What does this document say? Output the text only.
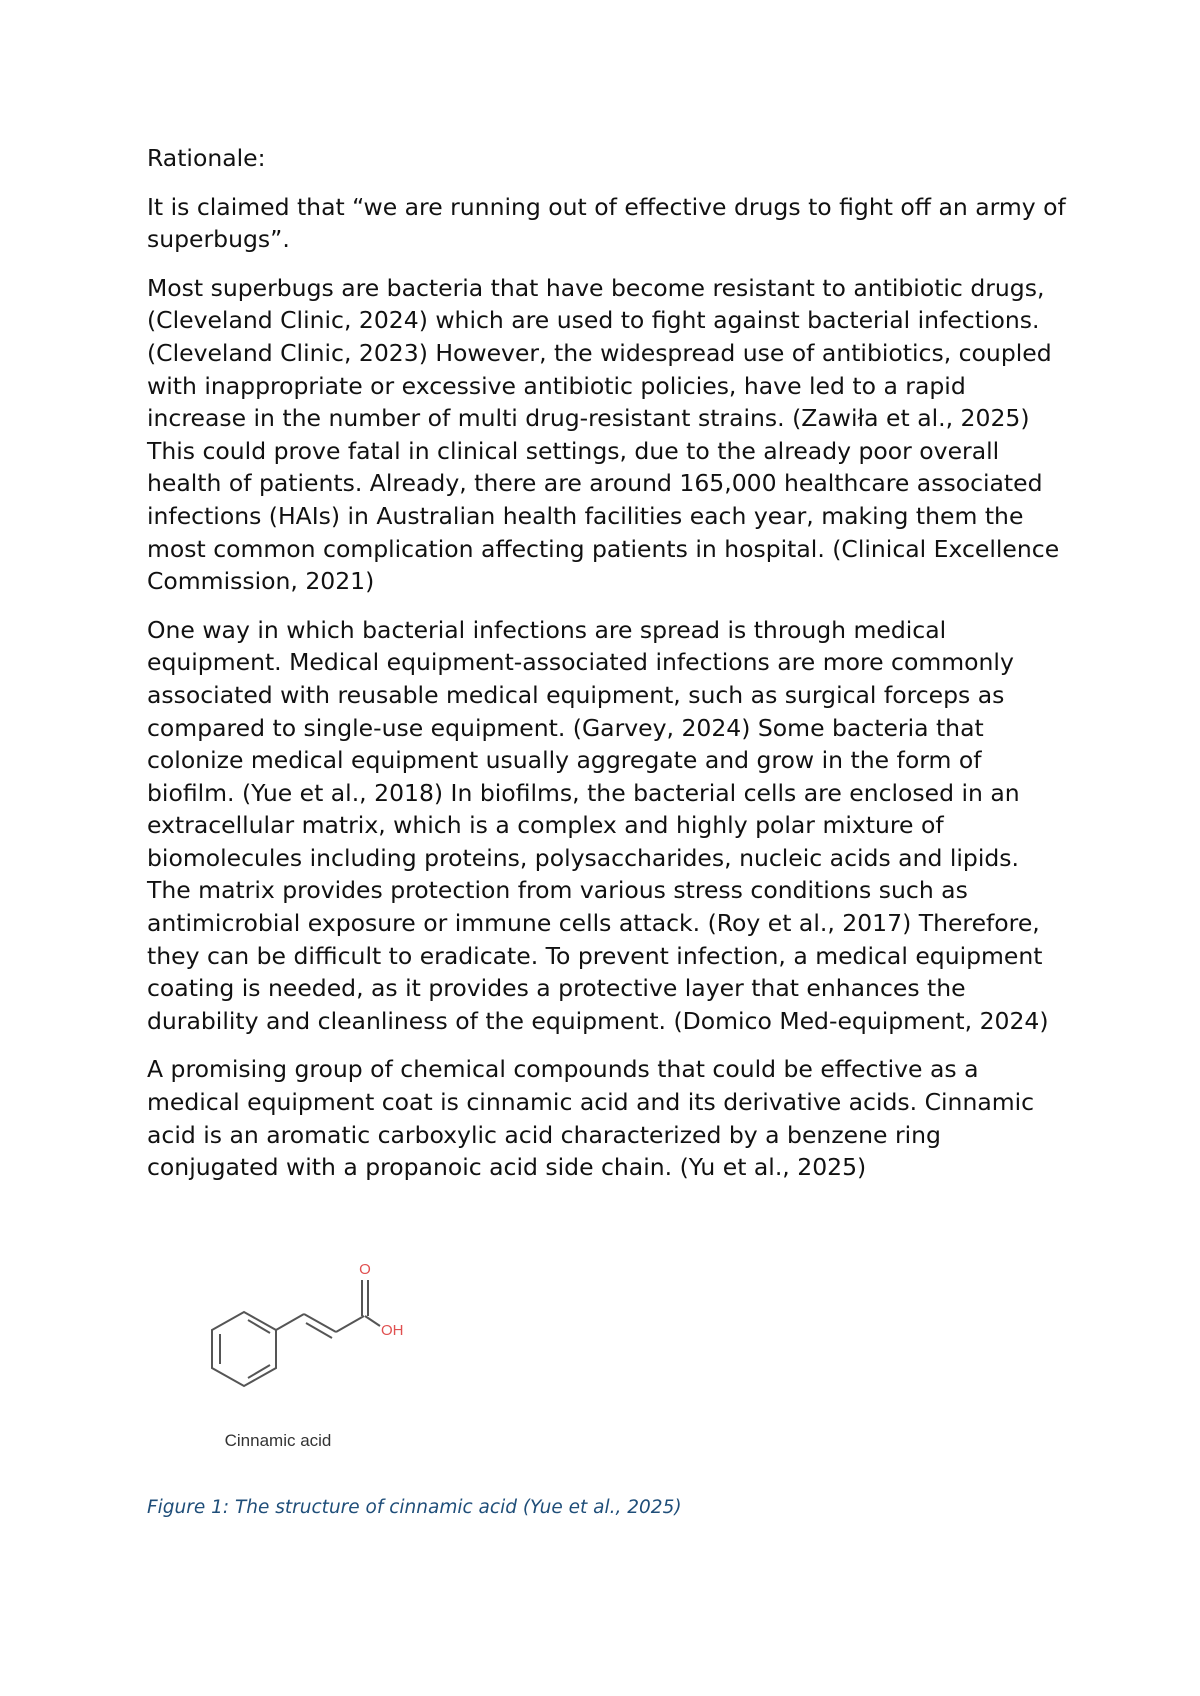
Rationale:

It is claimed that “we are running out of effective drugs to fight off an army of superbugs”.

Most superbugs are bacteria that have become resistant to antibiotic drugs, (Cleveland Clinic, 2024) which are used to fight against bacterial infections. (Cleveland Clinic, 2023) However, the widespread use of antibiotics, coupled with inappropriate or excessive antibiotic policies, have led to a rapid increase in the number of multi drug-resistant strains. (Zawiła et al., 2025) This could prove fatal in clinical settings, due to the already poor overall health of patients. Already, there are around 165,000 healthcare associated infections (HAIs) in Australian health facilities each year, making them the most common complication affecting patients in hospital. (Clinical Excellence Commission, 2021)

One way in which bacterial infections are spread is through medical equipment. Medical equipment-associated infections are more commonly associated with reusable medical equipment, such as surgical forceps as compared to single-use equipment. (Garvey, 2024) Some bacteria that colonize medical equipment usually aggregate and grow in the form of biofilm. (Yue et al., 2018) In biofilms, the bacterial cells are enclosed in an extracellular matrix, which is a complex and highly polar mixture of biomolecules including proteins, polysaccharides, nucleic acids and lipids. The matrix provides protection from various stress conditions such as antimicrobial exposure or immune cells attack. (Roy et al., 2017) Therefore, they can be difficult to eradicate. To prevent infection, a medical equipment coating is needed, as it provides a protective layer that enhances the durability and cleanliness of the equipment. (Domico Med-equipment, 2024)

A promising group of chemical compounds that could be effective as a medical equipment coat is cinnamic acid and its derivative acids. Cinnamic acid is an aromatic carboxylic acid characterized by a benzene ring conjugated with a propanoic acid side chain. (Yu et al., 2025)

O
OH
Cinnamic acid
Figure 1: The structure of cinnamic acid (Yue et al., 2025)
